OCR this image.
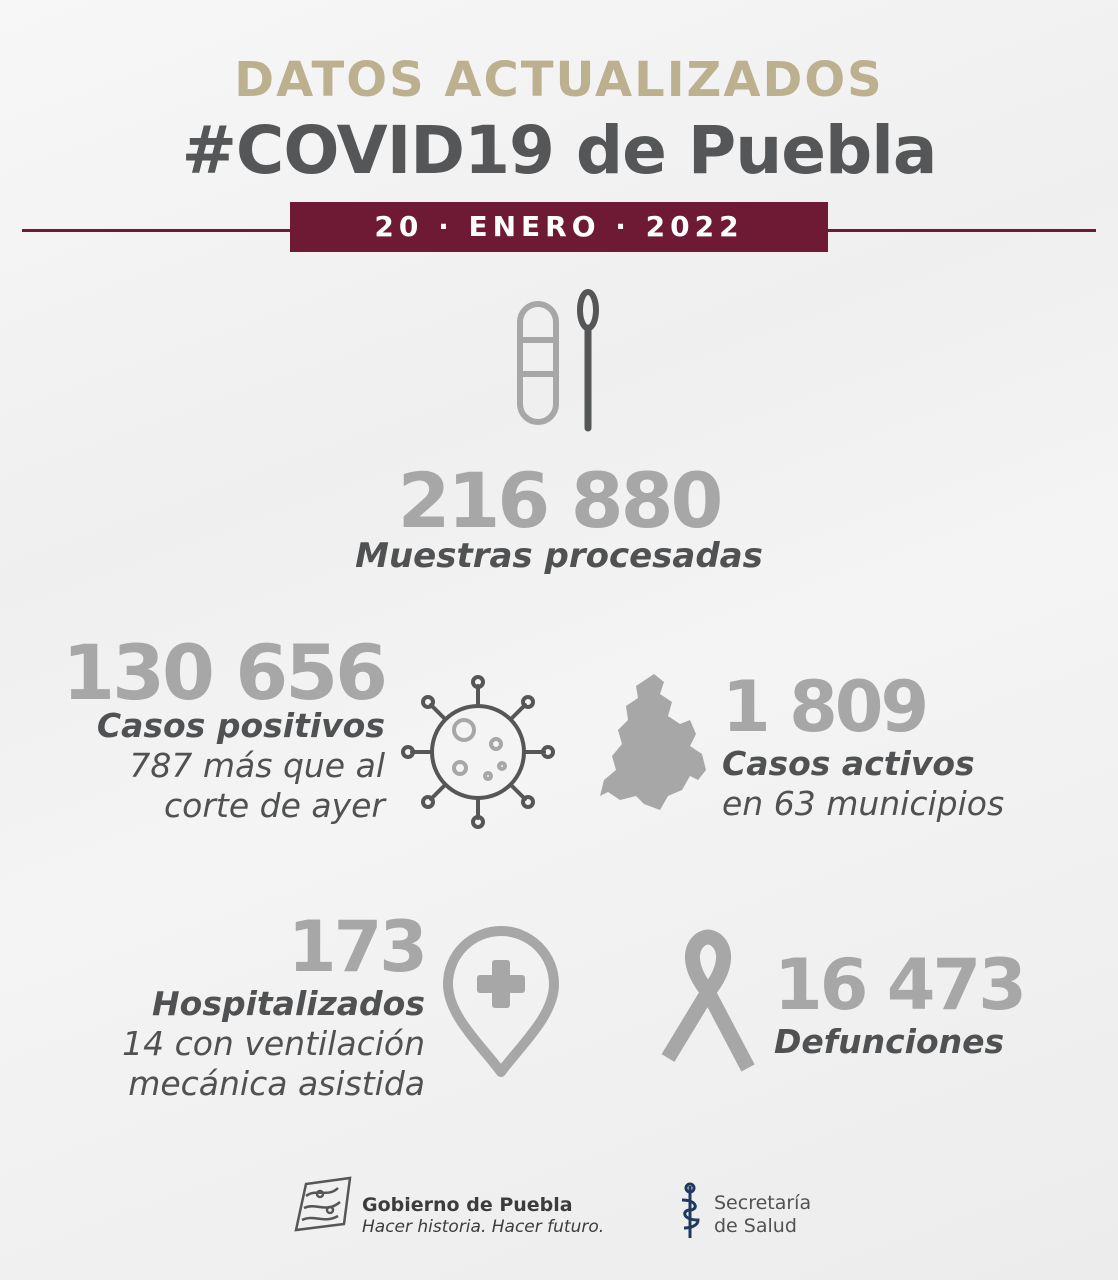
DATOS ACTUALIZADOS
#COVID19 de Puebla
20 · ENERO · 2022
216 880
Muestras procesadas
130 656
Casos positivos
787 más que al
corte de ayer
1 809
Casos activos
en 63 municipios
173
Hospitalizados
14 con ventilación
mecánica asistida
16 473
Defunciones
Gobierno de Puebla
Hacer historia. Hacer futuro.
Secretaría
de Salud
